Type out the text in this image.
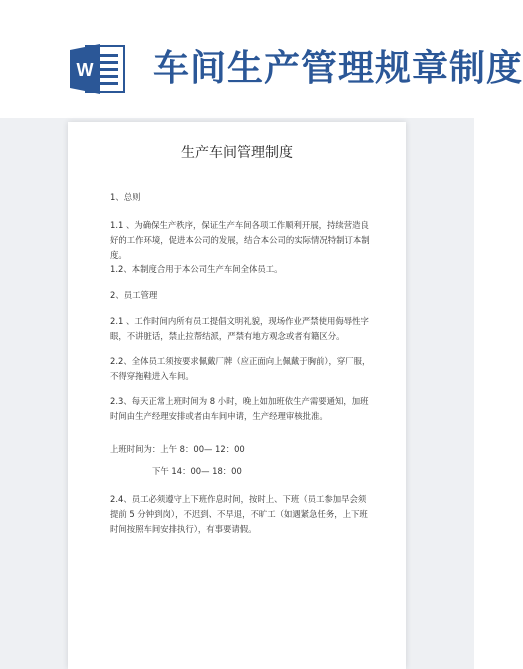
W 车间生产管理规章制度
生产车间管理制度
1、总则
1.1 、为确保生产秩序，保证生产车间各项工作顺利开展，持续营造良好的工作环境，促进本公司的发展，结合本公司的实际情况特制订本制度。
1.2、本制度合用于本公司生产车间全体员工。
2、员工管理
2.1 、工作时间内所有员工提倡文明礼貌，现场作业严禁使用侮辱性字眼，不讲脏话，禁止拉帮结派，严禁有地方观念或者有籍区分。
2.2、全体员工须按要求佩戴厂牌（应正面向上佩戴于胸前），穿厂服，不得穿拖鞋进入车间。
2.3、每天正常上班时间为 8 小时，晚上如加班依生产需要通知，加班时间由生产经理安排或者由车间申请，生产经理审核批准。
上班时间为：上午 8：00— 12：00
下午 14：00— 18：00
2.4、员工必须遵守上下班作息时间，按时上、下班（员工参加早会须提前 5 分钟到岗），不迟到、不早退，不旷工（如遇紧急任务，上下班时间按照车间安排执行），有事要请假。
